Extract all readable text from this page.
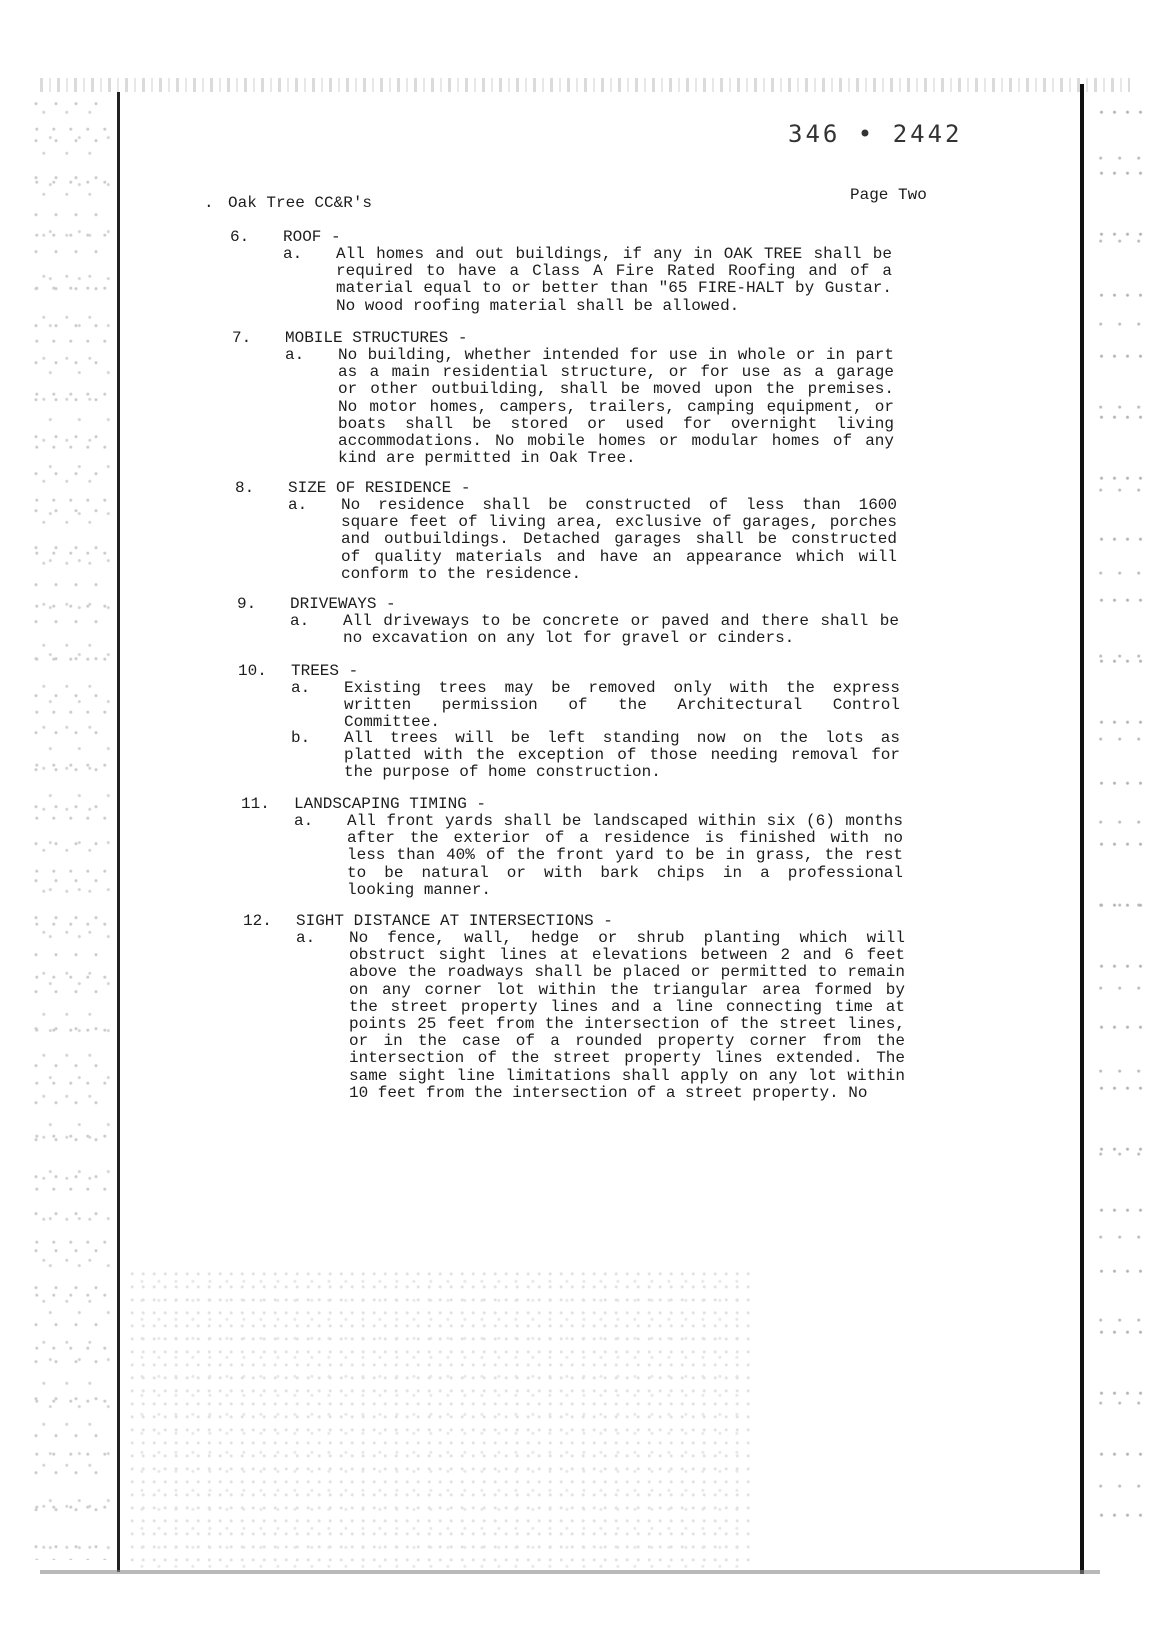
346 • 2442
. Oak Tree CC&R's	Page Two
6. ROOF -
a. All homes and out buildings, if any in OAK TREE shall be required to have a Class A Fire Rated Roofing and of a material equal to or better than "65 FIRE-HALT by Gustar. No wood roofing material shall be allowed.
7. MOBILE STRUCTURES -
a. No building, whether intended for use in whole or in part as a main residential structure, or for use as a garage or other outbuilding, shall be moved upon the premises. No motor homes, campers, trailers, camping equipment, or boats shall be stored or used for overnight living accommodations. No mobile homes or modular homes of any kind are permitted in Oak Tree.
8. SIZE OF RESIDENCE -
a. No residence shall be constructed of less than 1600 square feet of living area, exclusive of garages, porches and outbuildings. Detached garages shall be constructed of quality materials and have an appearance which will conform to the residence.
9. DRIVEWAYS -
a. All driveways to be concrete or paved and there shall be no excavation on any lot for gravel or cinders.
10. TREES -
a. Existing trees may be removed only with the express written permission of the Architectural Control Committee.
b. All trees will be left standing now on the lots as platted with the exception of those needing removal for the purpose of home construction.
11. LANDSCAPING TIMING -
a. All front yards shall be landscaped within six (6) months after the exterior of a residence is finished with no less than 40% of the front yard to be in grass, the rest to be natural or with bark chips in a professional looking manner.
12. SIGHT DISTANCE AT INTERSECTIONS -
a. No fence, wall, hedge or shrub planting which will obstruct sight lines at elevations between 2 and 6 feet above the roadways shall be placed or permitted to remain on any corner lot within the triangular area formed by the street property lines and a line connecting time at points 25 feet from the intersection of the street lines, or in the case of a rounded property corner from the intersection of the street property lines extended. The same sight line limitations shall apply on any lot within 10 feet from the intersection of a street property. No
